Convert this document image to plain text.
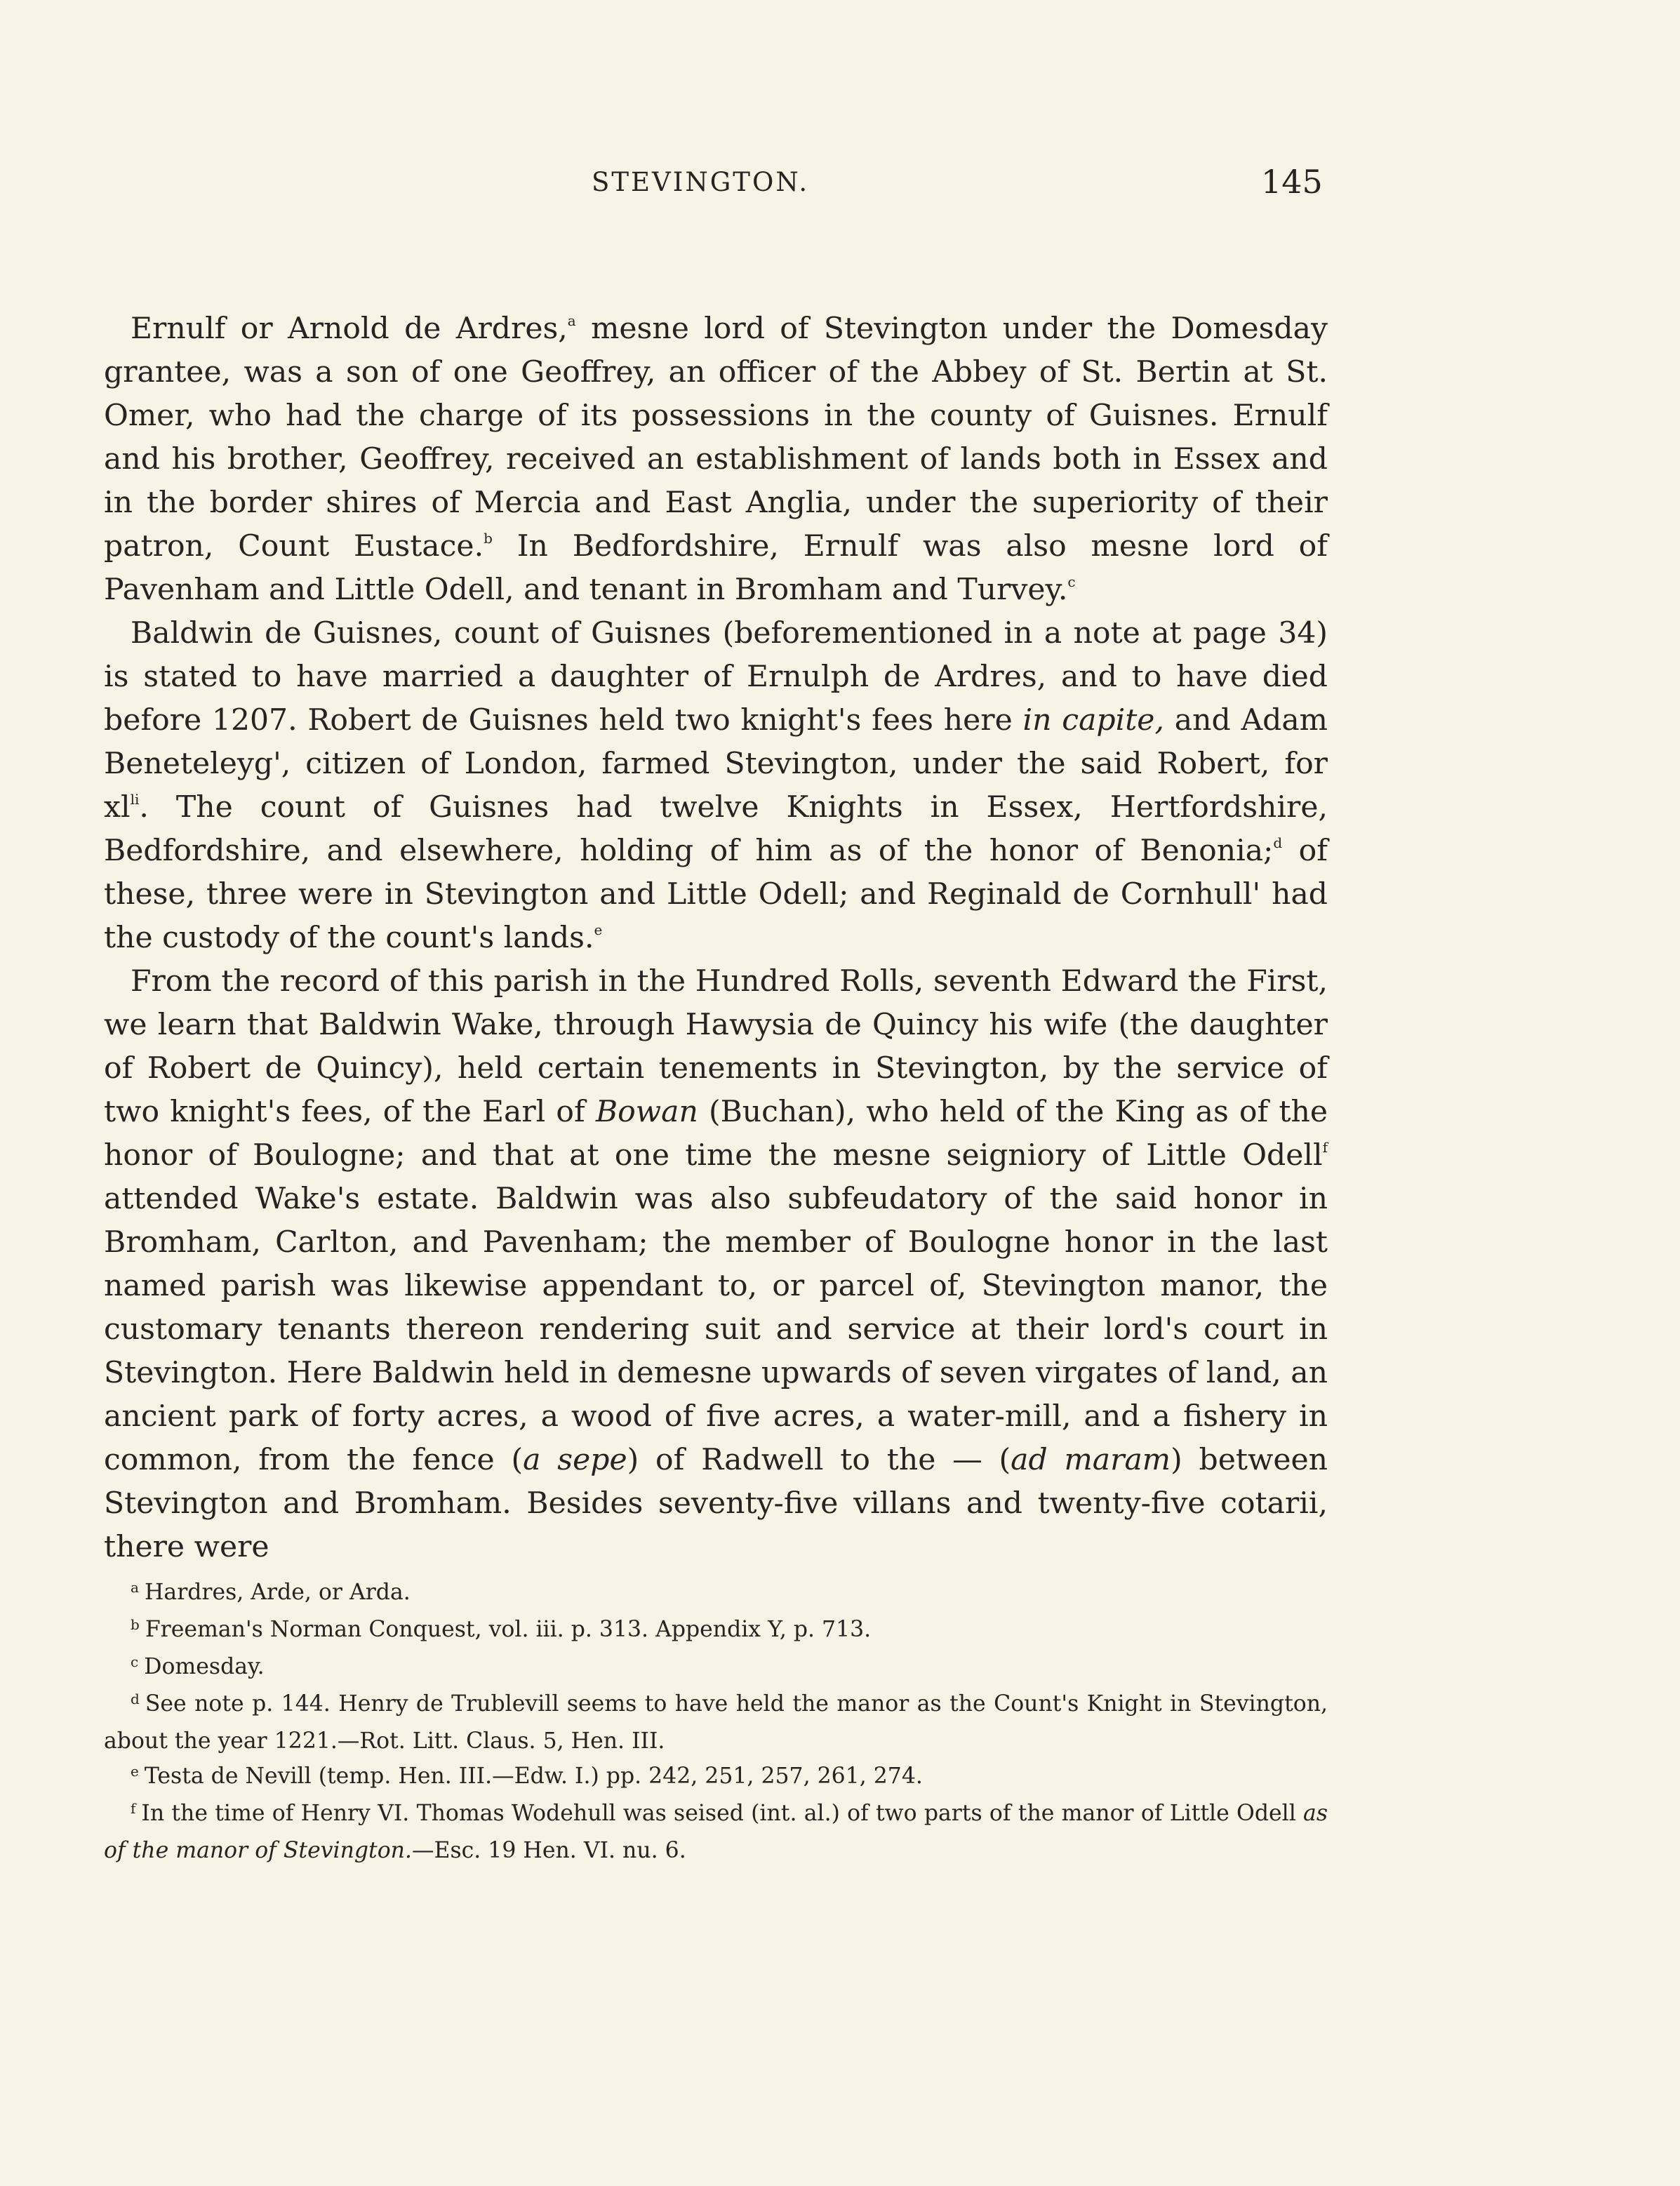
STEVINGTON.	145

Ernulf or Arnold de Ardres,$^a$ mesne lord of Stevington under the Domesday grantee, was a son of one Geoffrey, an officer of the Abbey of St. Bertin at St. Omer, who had the charge of its possessions in the county of Guisnes. Ernulf and his brother, Geoffrey, received an establishment of lands both in Essex and in the border shires of Mercia and East Anglia, under the superiority of their patron, Count Eustace.$^b$ In Bedfordshire, Ernulf was also mesne lord of Pavenham and Little Odell, and tenant in Bromham and Turvey.$^c$

Baldwin de Guisnes, count of Guisnes (beforementioned in a note at page 34) is stated to have married a daughter of Ernulph de Ardres, and to have died before 1207. Robert de Guisnes held two knight's fees here in capite, and Adam Beneteleyg', citizen of London, farmed Stevington, under the said Robert, for $xl^{li}$. The count of Guisnes had twelve Knights in Essex, Hertfordshire, Bedfordshire, and elsewhere, holding of him as of the honor of Benonia;$^d$ of these, three were in Stevington and Little Odell; and Reginald de Cornhull' had the custody of the count's lands.$^e$

From the record of this parish in the Hundred Rolls, seventh Edward the First, we learn that Baldwin Wake, through Hawysia de Quincy his wife (the daughter of Robert de Quincy), held certain tenements in Stevington, by the service of two knight's fees, of the Earl of Bowan (Buchan), who held of the King as of the honor of Boulogne; and that at one time the mesne seigniory of Little Odell$^f$ attended Wake's estate. Baldwin was also subfeudatory of the said honor in Bromham, Carlton, and Pavenham; the member of Boulogne honor in the last named parish was likewise appendant to, or parcel of, Stevington manor, the customary tenants thereon rendering suit and service at their lord's court in Stevington. Here Baldwin held in demesne upwards of seven virgates of land, an ancient park of forty acres, a wood of five acres, a water-mill, and a fishery in common, from the fence (a sepe) of Radwell to the — (ad maram) between Stevington and Bromham. Besides seventy-five villans and twenty-five cotarii, there were

$^a$ Hardres, Arde, or Arda.

$^b$ Freeman's Norman Conquest, vol. iii. p. 313. Appendix Y, p. 713.

$^c$ Domesday.

$^d$ See note p. 144. Henry de Trublevill seems to have held the manor as the Count's Knight in Stevington, about the year 1221.—Rot. Litt. Claus. 5, Hen. III.

$^e$ Testa de Nevill (temp. Hen. III.—Edw. I.) pp. 242, 251, 257, 261, 274.

$^f$ In the time of Henry VI. Thomas Wodehull was seised (int. al.) of two parts of the manor of Little Odell as of the manor of Stevington.—Esc. 19 Hen. VI. nu. 6.
